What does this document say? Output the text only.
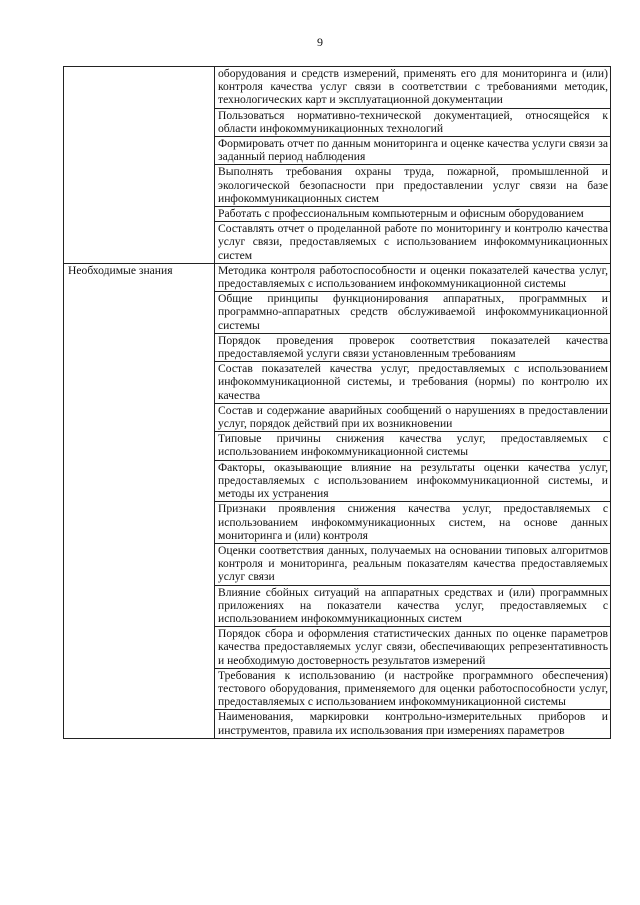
9
	оборудования и средств измерений, применять его для мониторинга и (или) контроля качества услуг связи в соответствии с требованиями методик, технологических карт и эксплуатационной документации
	Пользоваться нормативно-технической документацией, относящейся к области инфокоммуникационных технологий
	Формировать отчет по данным мониторинга и оценке качества услуги связи за заданный период наблюдения
	Выполнять требования охраны труда, пожарной, промышленной и экологической безопасности при предоставлении услуг связи на базе инфокоммуникационных систем
	Работать с профессиональным компьютерным и офисным оборудованием
	Составлять отчет о проделанной работе по мониторингу и контролю качества услуг связи, предоставляемых с использованием инфокоммуникационных систем
Необходимые знания	Методика контроля работоспособности и оценки показателей качества услуг, предоставляемых с использованием инфокоммуникационной системы
	Общие принципы функционирования аппаратных, программных и программно-аппаратных средств обслуживаемой инфокоммуникационной системы
	Порядок проведения проверок соответствия показателей качества предоставляемой услуги связи установленным требованиям
	Состав показателей качества услуг, предоставляемых с использованием инфокоммуникационной системы, и требования (нормы) по контролю их качества
	Состав и содержание аварийных сообщений о нарушениях в предоставлении услуг, порядок действий при их возникновении
	Типовые причины снижения качества услуг, предоставляемых с использованием инфокоммуникационной системы
	Факторы, оказывающие влияние на результаты оценки качества услуг, предоставляемых с использованием инфокоммуникационной системы, и методы их устранения
	Признаки проявления снижения качества услуг, предоставляемых с использованием инфокоммуникационных систем, на основе данных мониторинга и (или) контроля
	Оценки соответствия данных, получаемых на основании типовых алгоритмов контроля и мониторинга, реальным показателям качества предоставляемых услуг связи
	Влияние сбойных ситуаций на аппаратных средствах и (или) программных приложениях на показатели качества услуг, предоставляемых с использованием инфокоммуникационных систем
	Порядок сбора и оформления статистических данных по оценке параметров качества предоставляемых услуг связи, обеспечивающих репрезентативность и необходимую достоверность результатов измерений
	Требования к использованию (и настройке программного обеспечения) тестового оборудования, применяемого для оценки работоспособности услуг, предоставляемых с использованием инфокоммуникационной системы
	Наименования, маркировки контрольно-измерительных приборов и инструментов, правила их использования при измерениях параметров
